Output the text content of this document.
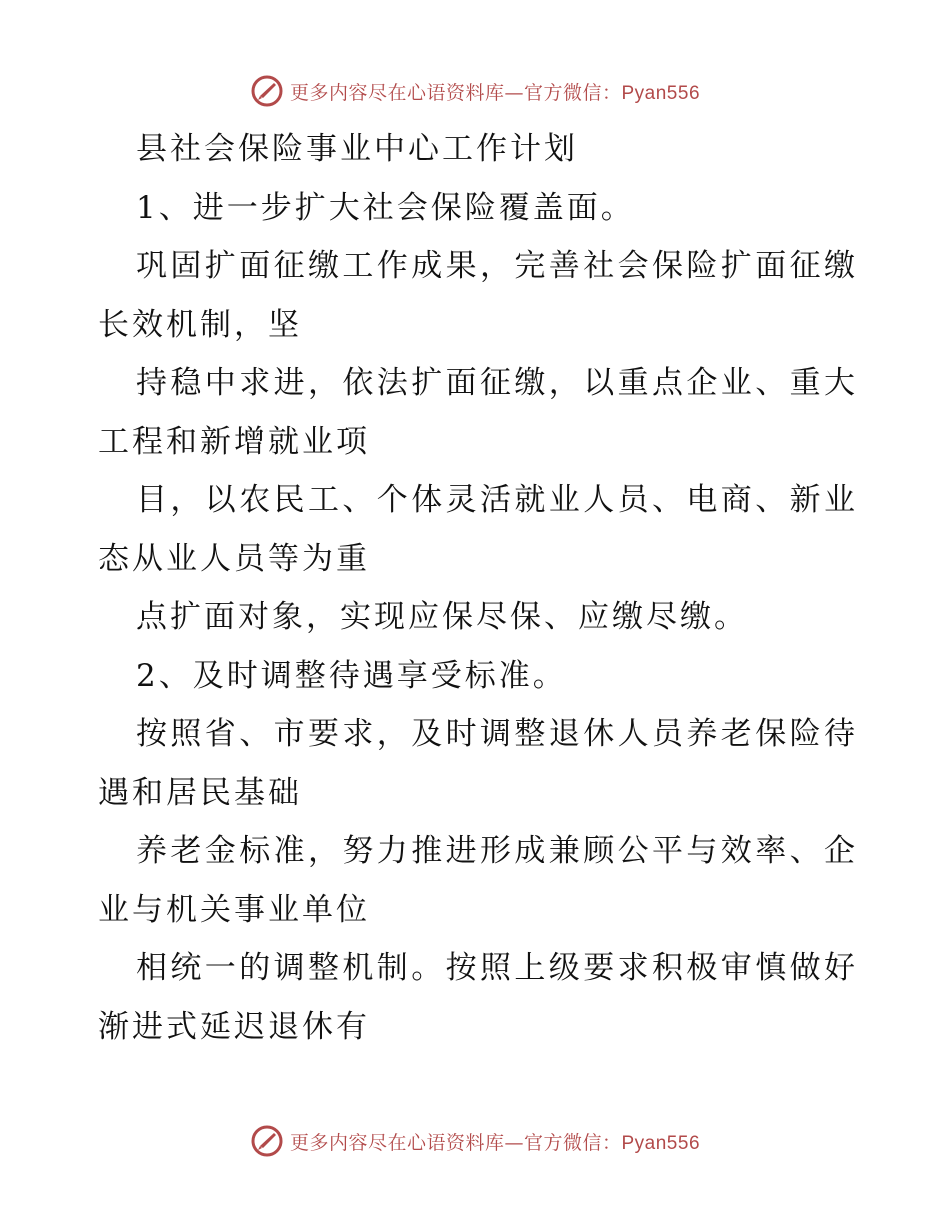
更多内容尽在心语资料库—官方微信：Pyan556

县社会保险事业中心工作计划

1、进一步扩大社会保险覆盖面。

巩固扩面征缴工作成果，完善社会保险扩面征缴长效机制，坚

持稳中求进，依法扩面征缴，以重点企业、重大工程和新增就业项

目，以农民工、个体灵活就业人员、电商、新业态从业人员等为重

点扩面对象，实现应保尽保、应缴尽缴。

2、及时调整待遇享受标准。

按照省、市要求，及时调整退休人员养老保险待遇和居民基础

养老金标准，努力推进形成兼顾公平与效率、企业与机关事业单位

相统一的调整机制。按照上级要求积极审慎做好渐进式延迟退休有

更多内容尽在心语资料库—官方微信：Pyan556
